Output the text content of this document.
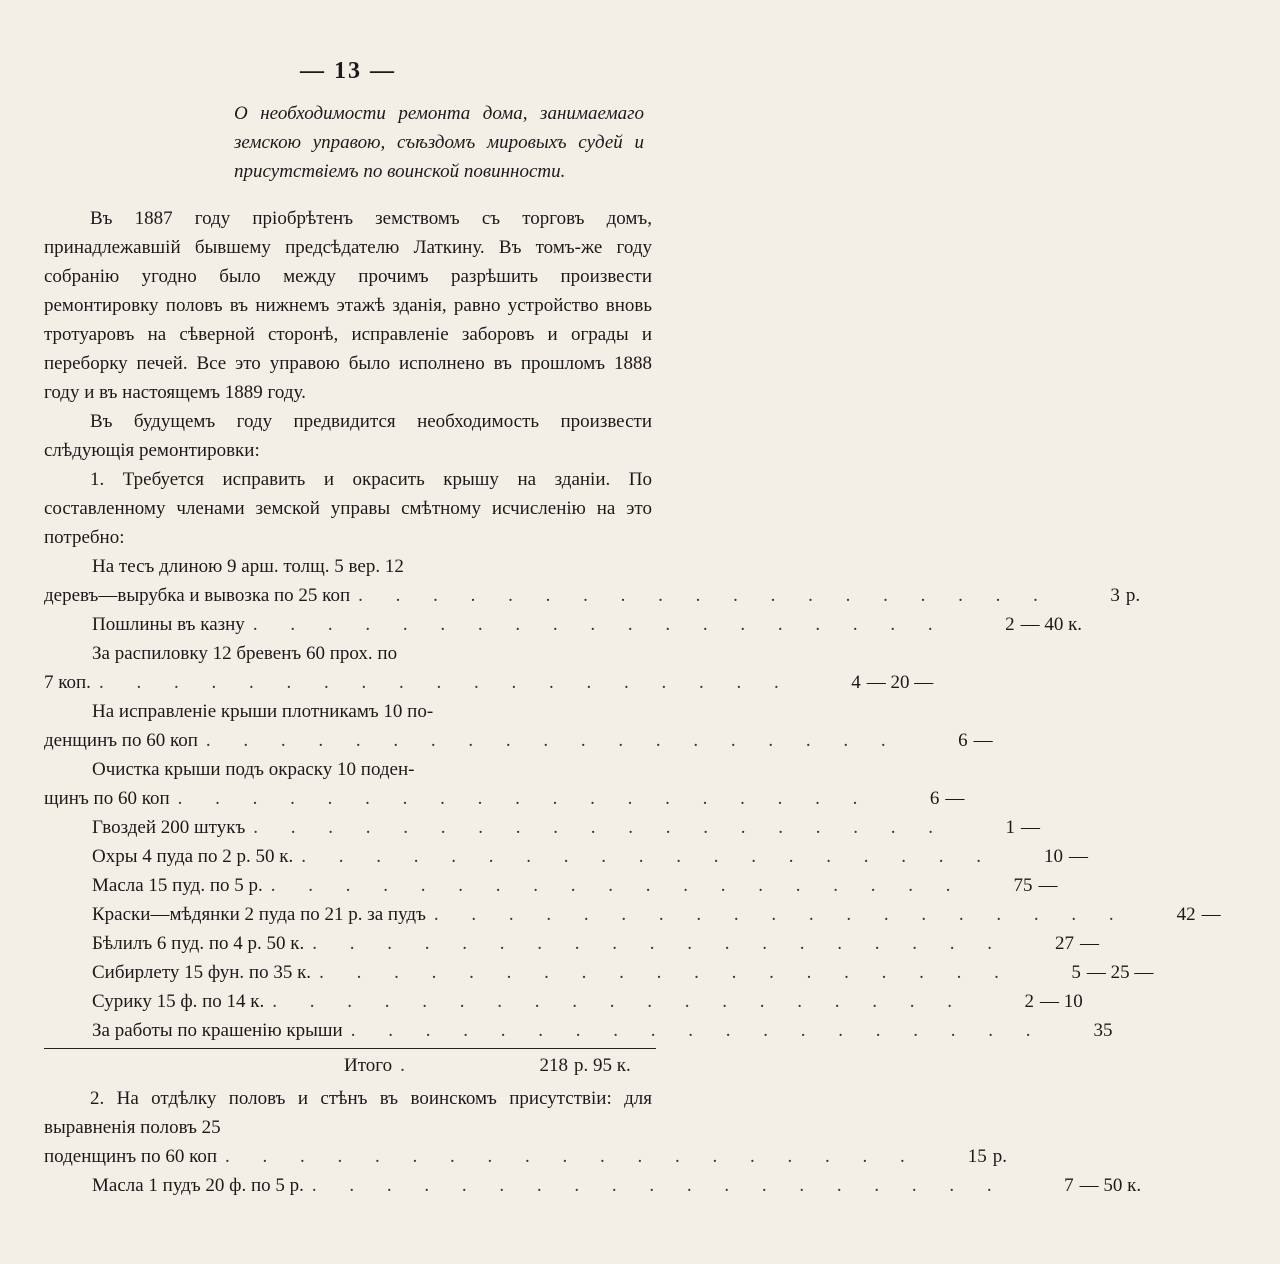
— 13 —
О необходимости ремонта дома, занимаемаго земскою управою, съѣздомъ мировыхъ судей и присутствіемъ по воинской повинности.

Въ 1887 году пріобрѣтенъ земствомъ съ торговъ домъ, принадлежавшій бывшему предсѣдателю Латкину. Въ томъ-же году собранію угодно было между прочимъ разрѣшить произвести ремонтировку половъ въ нижнемъ этажѣ зданія, равно устройство вновь тротуаровъ на сѣверной сторонѣ, исправленіе заборовъ и ограды и переборку печей. Все это управою было исполнено въ прошломъ 1888 году и въ настоящемъ 1889 году.

Въ будущемъ году предвидится необходимость произвести слѣдующія ремонтировки:

1. Требуется исправить и окрасить крышу на зданіи. По составленному членами земской управы смѣтному исчисленію на это потребно:

На тесъ длиною 9 арш. толщ. 5 вер. 12
деревъ—вырубка и вывозка по 25 коп . . . . . . . . . . . . . . . . . . .	3 р.
Пошлины въ казну . . . . . . . . . . . . . . . . . . .	2 — 40 к.
За распиловку 12 бревенъ 60 прох. по
7 коп. . . . . . . . . . . . . . . . . . . .	4 — 20 —
На исправленіе крыши плотникамъ 10 по-
денщинъ по 60 коп . . . . . . . . . . . . . . . . . . .	6 —
Очистка крыши подъ окраску 10 поден-
щинъ по 60 коп . . . . . . . . . . . . . . . . . . .	6 —
Гвоздей 200 штукъ . . . . . . . . . . . . . . . . . . .	1 —
Охры 4 пуда по 2 р. 50 к. . . . . . . . . . . . . . . . . . . .	10 —
Масла 15 пуд. по 5 р. . . . . . . . . . . . . . . . . . . .	75 —
Краски—мѣдянки 2 пуда по 21 р. за пудъ . . . . . . . . . . . . . . . . . . .	42 —
Бѣлилъ 6 пуд. по 4 р. 50 к. . . . . . . . . . . . . . . . . . . .	27 —
Сибирлету 15 фун. по 35 к. . . . . . . . . . . . . . . . . . . .	5 — 25 —
Сурику 15 ф. по 14 к. . . . . . . . . . . . . . . . . . . .	2 — 10
За работы по крашенію крыши . . . . . . . . . . . . . . . . . . .	35
Итого .	218 р. 95 к.

2. На отдѣлку половъ и стѣнъ въ воинскомъ присутствіи: для выравненія половъ 25

поденщинъ по 60 коп . . . . . . . . . . . . . . . . . . .	15 р.
Масла 1 пудъ 20 ф. по 5 р. . . . . . . . . . . . . . . . . . . .	7 — 50 к.
